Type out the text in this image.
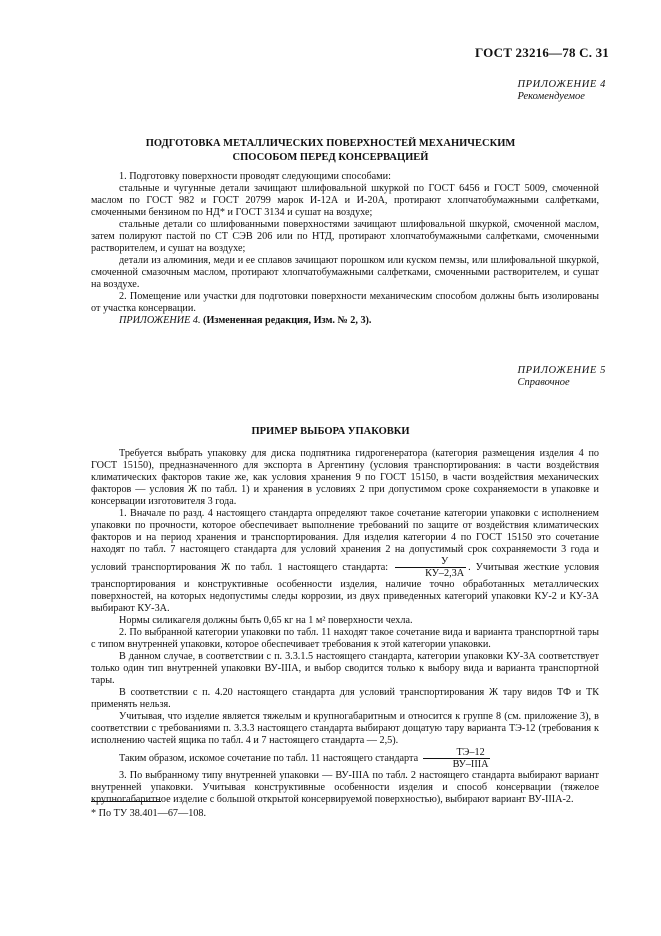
ГОСТ 23216—78 С. 31
ПРИЛОЖЕНИЕ 4
Рекомендуемое
ПОДГОТОВКА МЕТАЛЛИЧЕСКИХ ПОВЕРХНОСТЕЙ МЕХАНИЧЕСКИМ
СПОСОБОМ ПЕРЕД КОНСЕРВАЦИЕЙ

1. Подготовку поверхности проводят следующими способами:

стальные и чугунные детали зачищают шлифовальной шкуркой по ГОСТ 6456 и ГОСТ 5009, смоченной маслом по ГОСТ 982 и ГОСТ 20799 марок И-12А и И-20А, протирают хлопчатобумажными салфетками, смоченными бензином по НД* и ГОСТ 3134 и сушат на воздухе;

стальные детали со шлифованными поверхностями зачищают шлифовальной шкуркой, смоченной маслом, затем полируют пастой по СТ СЭВ 206 или по НТД, протирают хлопчатобумажными салфетками, смоченными растворителем, и сушат на воздухе;

детали из алюминия, меди и ее сплавов зачищают порошком или куском пемзы, или шлифовальной шкуркой, смоченной смазочным маслом, протирают хлопчатобумажными салфетками, смоченными растворителем, и сушат на воздухе.

2. Помещение или участки для подготовки поверхности механическим способом должны быть изолированы от участка консервации.

ПРИЛОЖЕНИЕ 4. (Измененная редакция, Изм. № 2, 3).

ПРИЛОЖЕНИЕ 5
Справочное
ПРИМЕР ВЫБОРА УПАКОВКИ

Требуется выбрать упаковку для диска подпятника гидрогенератора (категория размещения изделия 4 по ГОСТ 15150), предназначенного для экспорта в Аргентину (условия транспортирования: в части воздействия климатических факторов такие же, как условия хранения 9 по ГОСТ 15150, в части воздействия механических факторов — условия Ж по табл. 1) и хранения в условиях 2 при допустимом сроке сохраняемости в упаковке и консервации изготовителя 3 года.

1. Вначале по разд. 4 настоящего стандарта определяют такое сочетание категории упаковки с исполнением упаковки по прочности, которое обеспечивает выполнение требований по защите от воздействия климатических факторов и на период хранения и транспортирования. Для изделия категории 4 по ГОСТ 15150 это сочетание находят по табл. 7 настоящего стандарта для условий хранения 2 на допустимый срок сохраняемости 3 года и условий транспортирования Ж по табл. 1 настоящего стандарта: $\frac{У}{КУ-2,3А}$ . Учитывая жесткие условия транспортирования и конструктивные особенности изделия, наличие точно обработанных металлических поверхностей, на которых недопустимы следы коррозии, из двух приведенных категорий упаковки КУ-2 и КУ-3А выбирают КУ-3А.

Нормы силикагеля должны быть 0,65 кг на 1 м² поверхности чехла.

2. По выбранной категории упаковки по табл. 11 находят такое сочетание вида и варианта транспортной тары с типом внутренней упаковки, которое обеспечивает требования к этой категории упаковки.

В данном случае, в соответствии с п. 3.3.1.5 настоящего стандарта, категории упаковки КУ-3А соответствует только один тип внутренней упаковки ВУ-IIIА, и выбор сводится только к выбору вида и варианта транспортной тары.

В соответствии с п. 4.20 настоящего стандарта для условий транспортирования Ж тару видов ТФ и ТК применять нельзя.

Учитывая, что изделие является тяжелым и крупногабаритным и относится к группе 8 (см. приложение 3), в соответствии с требованиями п. 3.3.3 настоящего стандарта выбирают дощатую тару варианта ТЭ-12 (требования к исполнению частей ящика по табл. 4 и 7 настоящего стандарта — 2,5).

Таким образом, искомое сочетание по табл. 11 настоящего стандарта $\frac{ТЭ-12}{\text{ВУ–IIIА}}$

3. По выбранному типу внутренней упаковки — ВУ-IIIА по табл. 2 настоящего стандарта выбирают вариант внутренней упаковки. Учитывая конструктивные особенности изделия и способ консервации (тяжелое крупногабаритное изделие с большой открытой консервируемой поверхностью), выбирают вариант ВУ-IIIА-2.

* По ТУ 38.401—67—108.
